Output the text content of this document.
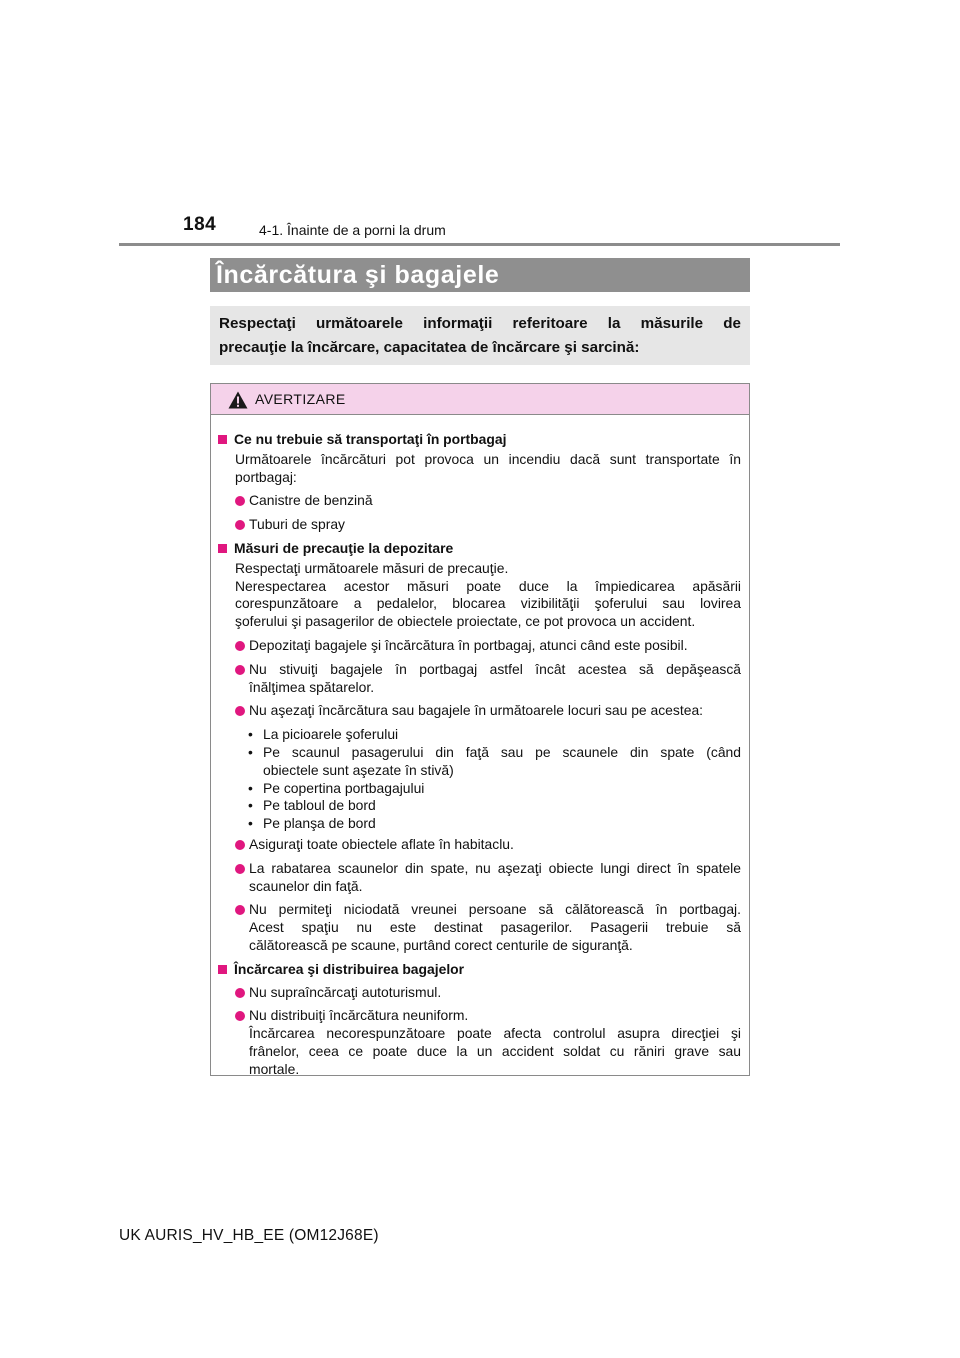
184	4-1. Înainte de a porni la drum
Încărcătura şi bagajele
Respectaţi următoarele informaţii referitoare la măsurile de
precauţie la încărcare, capacitatea de încărcare şi sarcină:
AVERTIZARE
Ce nu trebuie să transportaţi în portbagaj
Următoarele încărcături pot provoca un incendiu dacă sunt transportate în
portbagaj:
Canistre de benzină
Tuburi de spray
Măsuri de precauţie la depozitare
Respectaţi următoarele măsuri de precauţie.
Nerespectarea acestor măsuri poate duce la împiedicarea apăsării
corespunzătoare a pedalelor, blocarea vizibilităţii şoferului sau lovirea
şoferului şi pasagerilor de obiectele proiectate, ce pot provoca un accident.
Depozitaţi bagajele şi încărcătura în portbagaj, atunci când este posibil.
Nu stivuiţi bagajele în portbagaj astfel încât acestea să depăşească
înălţimea spătarelor.
Nu aşezaţi încărcătura sau bagajele în următoarele locuri sau pe acestea:
• La picioarele şoferului
• Pe scaunul pasagerului din faţă sau pe scaunele din spate (când
obiectele sunt aşezate în stivă)
• Pe copertina portbagajului
• Pe tabloul de bord
• Pe planşa de bord
Asiguraţi toate obiectele aflate în habitaclu.
La rabatarea scaunelor din spate, nu aşezaţi obiecte lungi direct în spatele
scaunelor din faţă.
Nu permiteţi niciodată vreunei persoane să călătorească în portbagaj.
Acest spaţiu nu este destinat pasagerilor. Pasagerii trebuie să
călătorească pe scaune, purtând corect centurile de siguranţă.
Încărcarea şi distribuirea bagajelor
Nu supraîncărcaţi autoturismul.
Nu distribuiţi încărcătura neuniform.
Încărcarea necorespunzătoare poate afecta controlul asupra direcţiei şi
frânelor, ceea ce poate duce la un accident soldat cu răniri grave sau
mortale.
UK AURIS_HV_HB_EE (OM12J68E)
